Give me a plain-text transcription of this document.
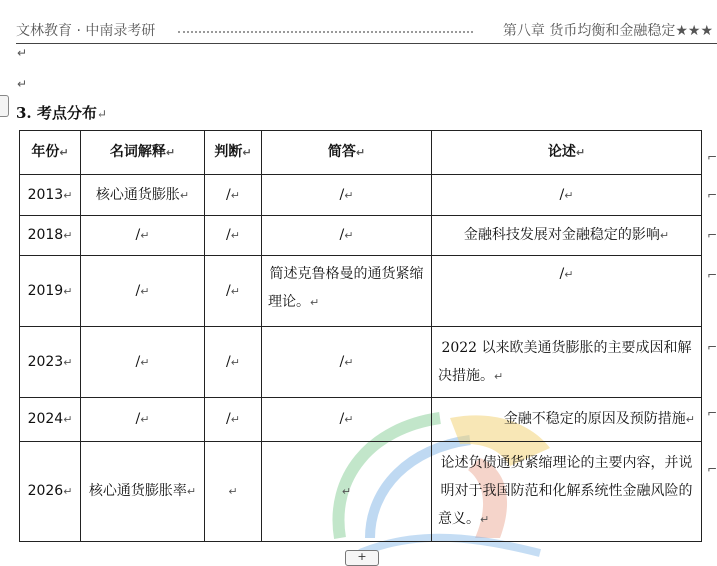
文林教育 · 中南录考研	第八章 货币均衡和金融稳定★★★
↵
↵
3. 考点分布↵
年份↵	名词解释↵	判断↵	简答↵	论述↵
2013↵	核心通货膨胀↵	/↵	/↵	/↵
2018↵	/↵	/↵	/↵	金融科技发展对金融稳定的影响↵
2019↵	/↵	/↵	简述克鲁格曼的通货紧缩理论。↵	/↵
2023↵	/↵	/↵	/↵	2022 以来欧美通货膨胀的主要成因和解决措施。↵
2024↵	/↵	/↵	/↵	金融不稳定的原因及预防措施↵
2026↵	核心通货膨胀率↵	↵	↵	论述负债通货紧缩理论的主要内容，并说明对于我国防范和化解系统性金融风险的意义。↵
⌐
⌐
⌐
⌐
⌐
⌐
⌐
+
